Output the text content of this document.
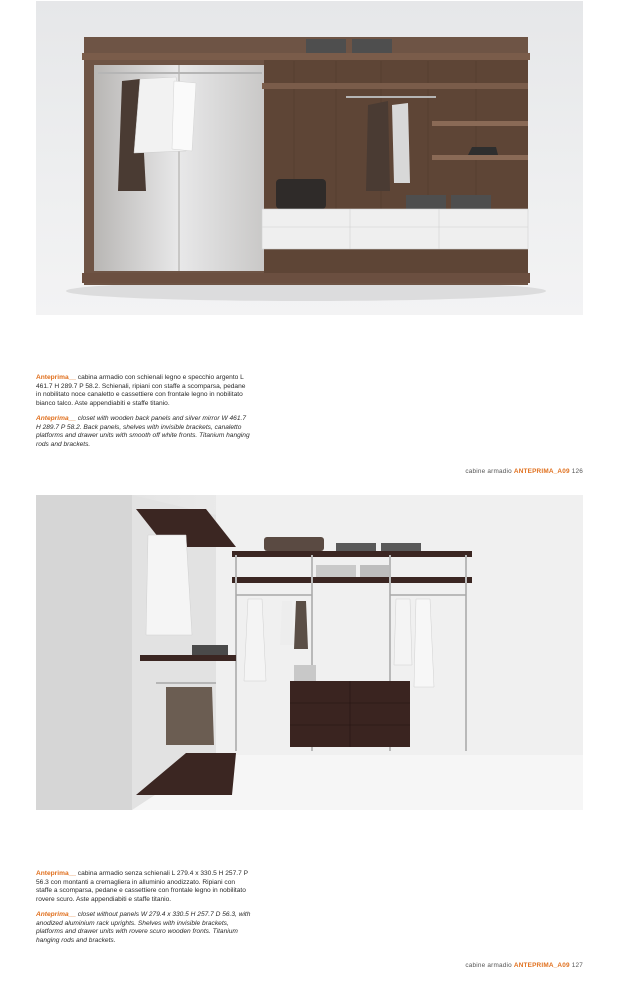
Anteprima__ cabina armadio con schienali legno e specchio argento L 461.7 H 289.7 P 58.2. Schienali, ripiani con staffe a scomparsa, pedane in nobilitato noce canaletto e cassettiere con frontale legno in nobilitato bianco talco. Aste appendiabiti e staffe titanio.

Anteprima__ closet with wooden back panels and silver mirror W 461.7 H 289.7 P 58.2. Back panels, shelves with invisible brackets, canaletto platforms and drawer units with smooth off white fronts. Titanium hanging rods and brackets.

cabine armadio ANTEPRIMA_A09 126

Anteprima__ cabina armadio senza schienali L 279.4 x 330.5 H 257.7 P 56.3 con montanti a cremagliera in alluminio anodizzato. Ripiani con staffe a scomparsa, pedane e cassettiere con frontale legno in nobilitato rovere scuro. Aste appendiabiti e staffe titanio.

Anteprima__ closet without panels W 279.4 x 330.5 H 257.7 D 56.3, with anodized aluminium rack uprights. Shelves with invisible brackets, platforms and drawer units with rovere scuro wooden fronts. Titanium hanging rods and brackets.

cabine armadio ANTEPRIMA_A09 127
